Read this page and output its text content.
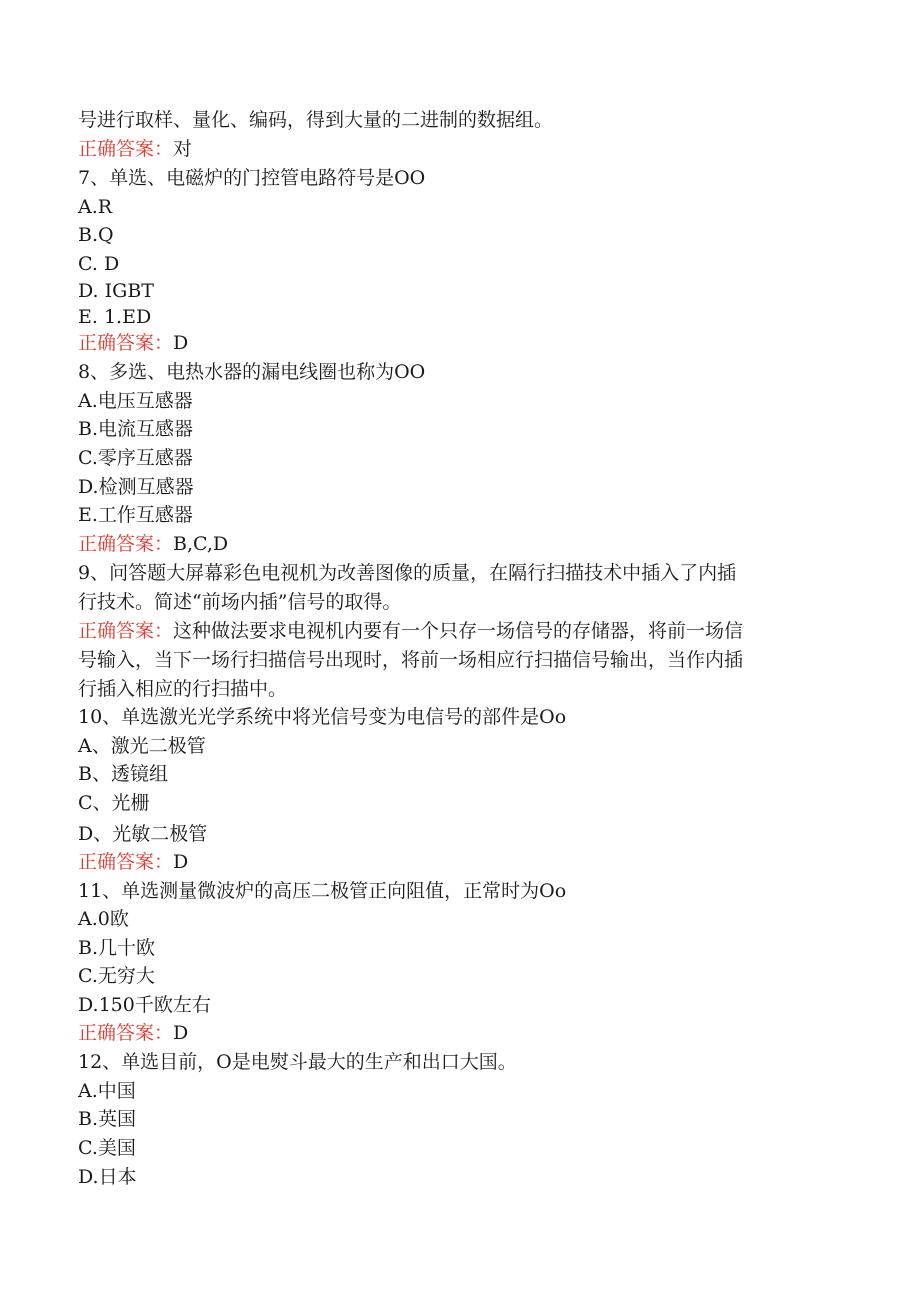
号进行取样、量化、编码，得到大量的二进制的数据组。
正确答案：对
7、单选、电磁炉的门控管电路符号是OO
A.R
B.Q
C. D
D. IGBT
E. 1.ED
正确答案：D
8、多选、电热水器的漏电线圈也称为OO
A.电压互感器
B.电流互感器
C.零序互感器
D.检测互感器
E.工作互感器
正确答案：B,C,D
9、问答题大屏幕彩色电视机为改善图像的质量，在隔行扫描技术中插入了内插
行技术。简述“前场内插”信号的取得。
正确答案：这种做法要求电视机内要有一个只存一场信号的存储器，将前一场信
号输入，当下一场行扫描信号出现时，将前一场相应行扫描信号输出，当作内插
行插入相应的行扫描中。
10、单选激光光学系统中将光信号变为电信号的部件是Oo
A、激光二极管
B、透镜组
C、光栅
D、光敏二极管
正确答案：D
11、单选测量微波炉的高压二极管正向阻值，正常时为Oo
A.0欧
B.几十欧
C.无穷大
D.150千欧左右
正确答案：D
12、单选目前，O是电熨斗最大的生产和出口大国。
A.中国
B.英国
C.美国
D.日本
